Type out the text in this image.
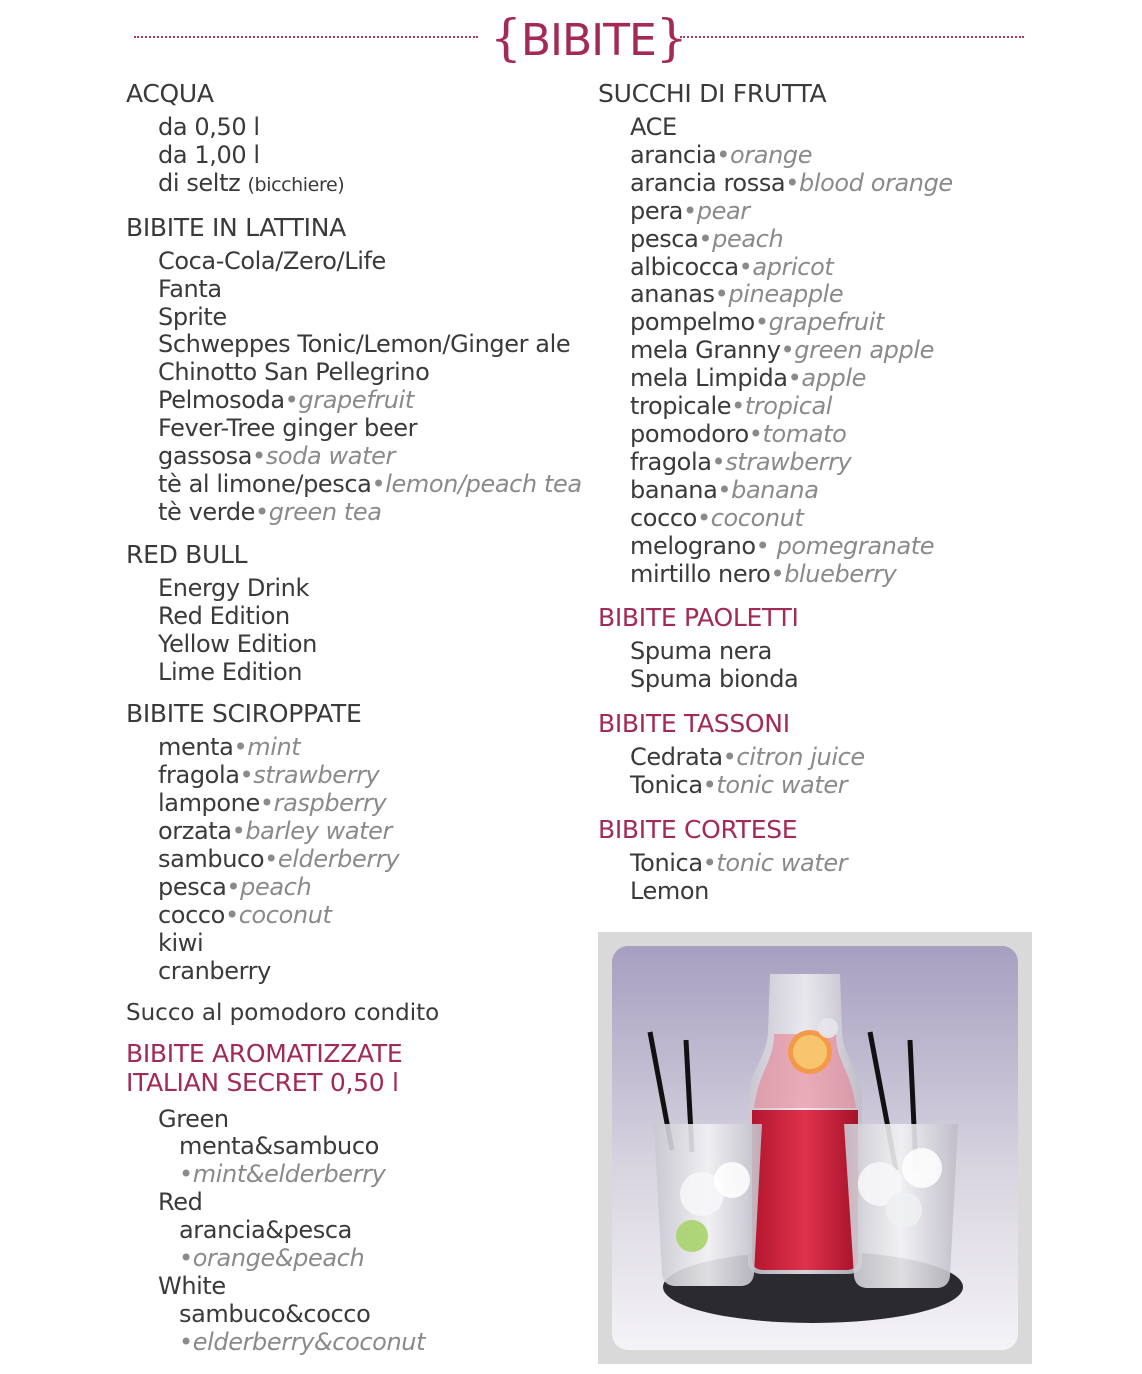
{BIBITE}
ACQUA
da 0,50 l
da 1,00 l
di seltz (bicchiere)
BIBITE IN LATTINA
Coca-Cola/Zero/Life
Fanta
Sprite
Schweppes Tonic/Lemon/Ginger ale
Chinotto San Pellegrino
Pelmosoda•grapefruit
Fever-Tree ginger beer
gassosa•soda water
tè al limone/pesca•lemon/peach tea
tè verde•green tea
RED BULL
Energy Drink
Red Edition
Yellow Edition
Lime Edition
BIBITE SCIROPPATE
menta•mint
fragola•strawberry
lampone•raspberry
orzata•barley water
sambuco•elderberry
pesca•peach
cocco•coconut
kiwi
cranberry
Succo al pomodoro condito
BIBITE AROMATIZZATE
ITALIAN SECRET 0,50 l
Green
menta&sambuco
•mint&elderberry
Red
arancia&pesca
•orange&peach
White
sambuco&cocco
•elderberry&coconut
SUCCHI DI FRUTTA
ACE
arancia•orange
arancia rossa•blood orange
pera•pear
pesca•peach
albicocca•apricot
ananas•pineapple
pompelmo•grapefruit
mela Granny•green apple
mela Limpida•apple
tropicale•tropical
pomodoro•tomato
fragola•strawberry
banana•banana
cocco•coconut
melograno• pomegranate
mirtillo nero•blueberry
BIBITE PAOLETTI
Spuma nera
Spuma bionda
BIBITE TASSONI
Cedrata•citron juice
Tonica•tonic water
BIBITE CORTESE
Tonica•tonic water
Lemon
